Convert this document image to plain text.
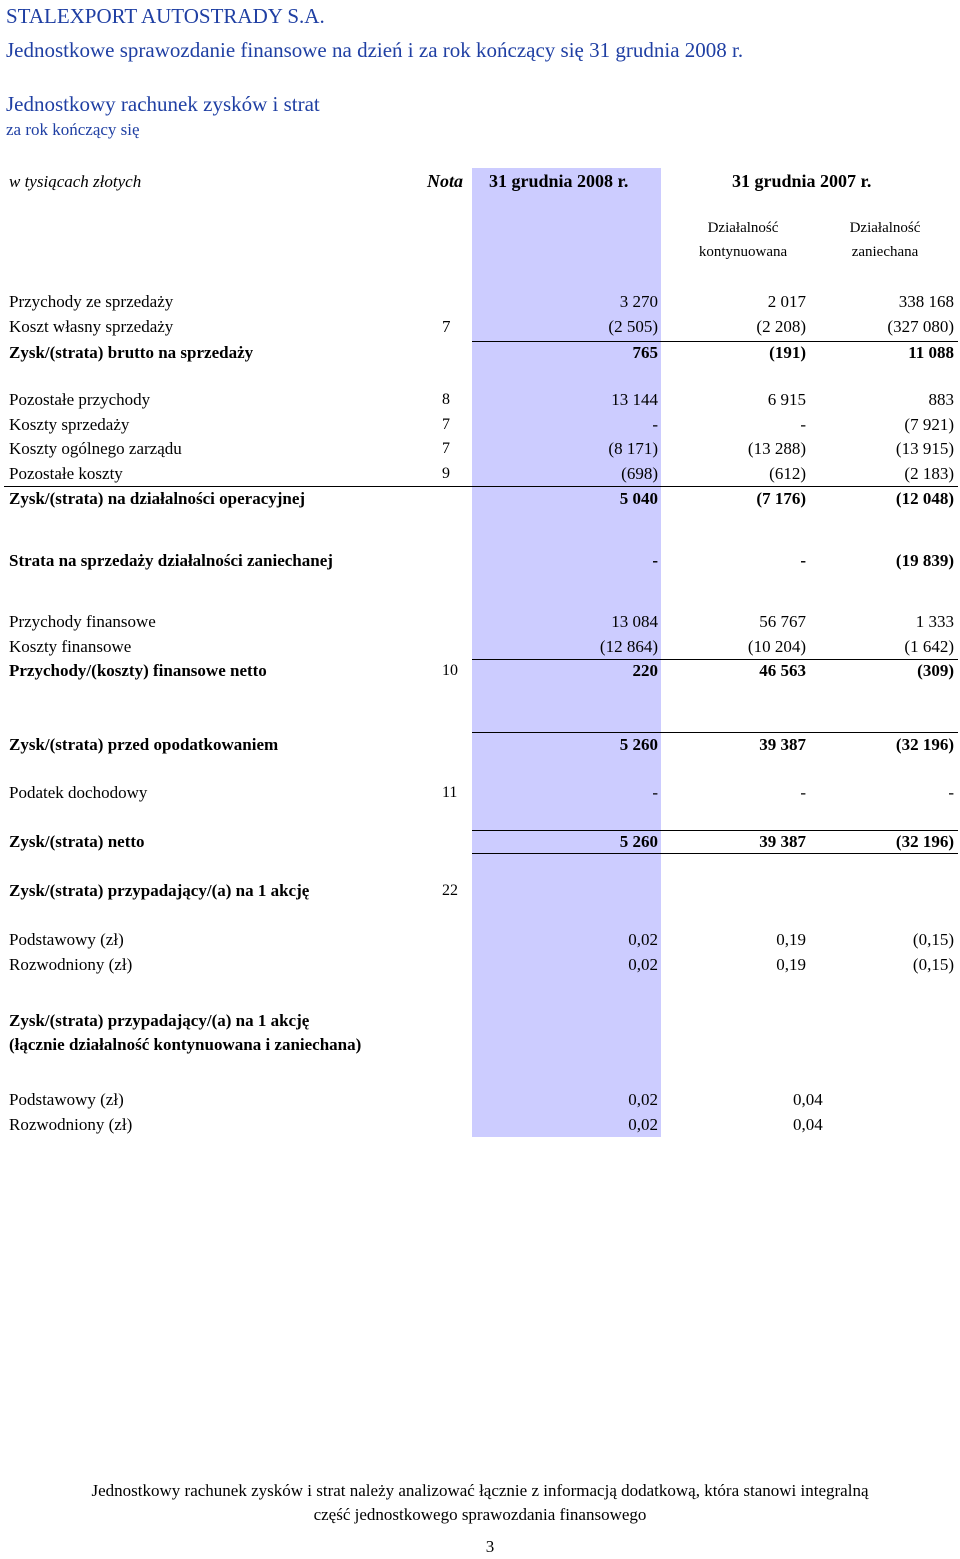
STALEXPORT AUTOSTRADY S.A.
Jednostkowe sprawozdanie finansowe na dzień i za rok kończący się 31 grudnia 2008 r.
Jednostkowy rachunek zysków i strat
za rok kończący się
w tysiącach złotych	Nota 31 grudnia 2008 r.	31 grudnia 2007 r.
Działalność
kontynuowana
Działalność
zaniechana
Przychody ze sprzedaży	3 270	2 017	338 168
Koszt własny sprzedaży	7	(2 505)	(2 208)	(327 080)
Zysk/(strata) brutto na sprzedaży	765	(191)	11 088
Pozostałe przychody	8	13 144	6 915	883
Koszty sprzedaży	7	-	-	(7 921)
Koszty ogólnego zarządu	7	(8 171)	(13 288)	(13 915)
Pozostałe koszty	9	(698)	(612)	(2 183)
Zysk/(strata) na działalności operacyjnej	5 040	(7 176)	(12 048)
Strata na sprzedaży działalności zaniechanej	-	-	(19 839)
Przychody finansowe	13 084	56 767	1 333
Koszty finansowe	(12 864)	(10 204)	(1 642)
Przychody/(koszty) finansowe netto	10	220	46 563	(309)
Zysk/(strata) przed opodatkowaniem	5 260	39 387	(32 196)
Podatek dochodowy	11	-	-	-
Zysk/(strata) netto	5 260	39 387	(32 196)
Zysk/(strata) przypadający/(a) na 1 akcję	22
Podstawowy (zł)	0,02	0,19	(0,15)
Rozwodniony (zł)	0,02	0,19	(0,15)
Zysk/(strata) przypadający/(a) na 1 akcję
(łącznie działalność kontynuowana i zaniechana)
Podstawowy (zł)	0,02	0,04
Rozwodniony (zł)	0,02	0,04
Jednostkowy rachunek zysków i strat należy analizować łącznie z informacją dodatkową, która stanowi integralną
część jednostkowego sprawozdania finansowego
3
